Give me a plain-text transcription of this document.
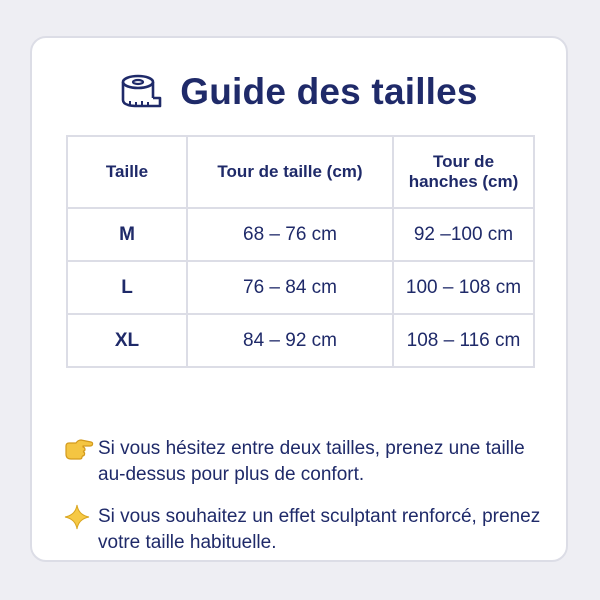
Guide des tailles
Taille	Tour de taille (cm)	Tour de hanches (cm)
M	68 – 76 cm	92 –100 cm
L	76 – 84 cm	100 – 108 cm
XL	84 – 92 cm	108 – 116 cm
Si vous hésitez entre deux tailles, prenez une taille au-dessus pour plus de confort.
Si vous souhaitez un effet sculptant renforcé, prenez votre taille habituelle.
